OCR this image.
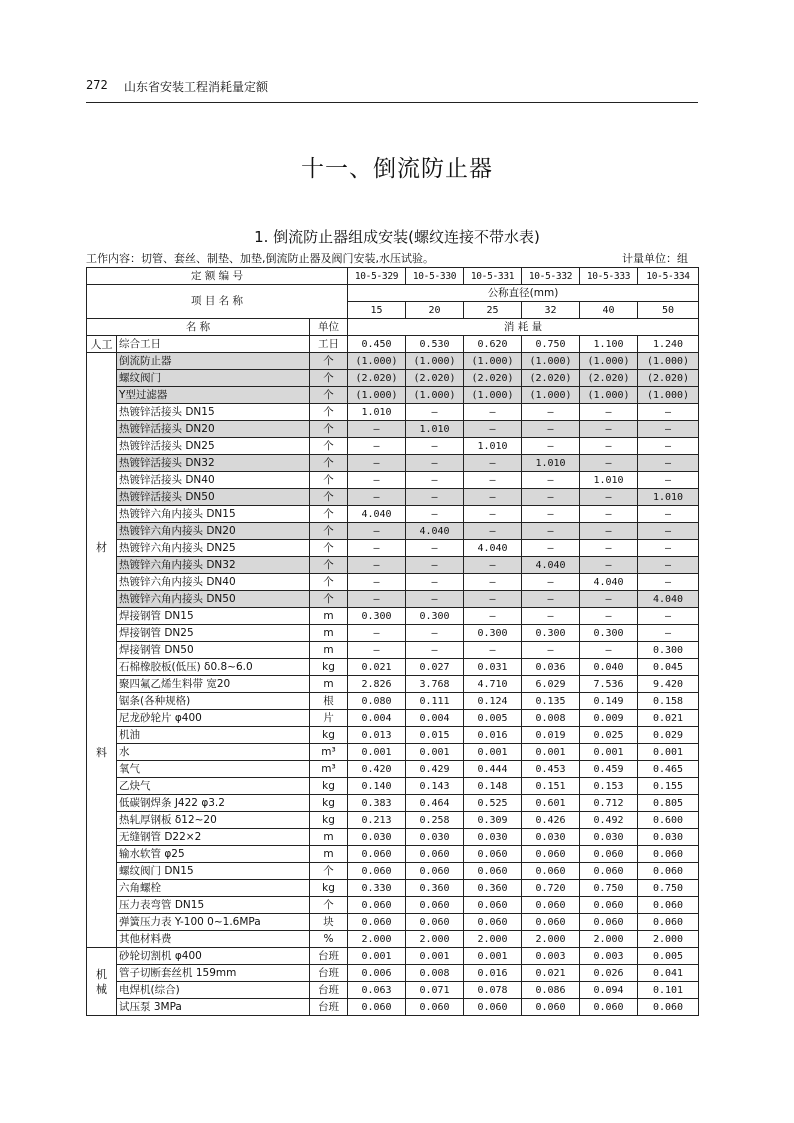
272 山东省安装工程消耗量定额
十一、倒流防止器
1. 倒流防止器组成安装(螺纹连接不带水表)
工作内容：切管、套丝、制垫、加垫,倒流防止器及阀门安装,水压试验。	计量单位：组
定 额 编 号			10-5-329	10-5-330	10-5-331	10-5-332	10-5-333	10-5-334
项 目 名 称			公称直径(mm)					
			15	20	25	32	40	50
名 称		单位	消 耗 量					
人工	综合工日	工日	0.450	0.530	0.620	0.750	1.100	1.240

材
料	倒流防止器	个	(1.000)	(1.000)	(1.000)	(1.000)	(1.000)	(1.000)
	螺纹阀门	个	(2.020)	(2.020)	(2.020)	(2.020)	(2.020)	(2.020)
	Y型过滤器	个	(1.000)	(1.000)	(1.000)	(1.000)	(1.000)	(1.000)
	热镀锌活接头 DN15	个	1.010	—	—	—	—	—
	热镀锌活接头 DN20	个	—	1.010	—	—	—	—
	热镀锌活接头 DN25	个	—	—	1.010	—	—	—
	热镀锌活接头 DN32	个	—	—	—	1.010	—	—
	热镀锌活接头 DN40	个	—	—	—	—	1.010	—
	热镀锌活接头 DN50	个	—	—	—	—	—	1.010
	热镀锌六角内接头 DN15	个	4.040	—	—	—	—	—
	热镀锌六角内接头 DN20	个	—	4.040	—	—	—	—
	热镀锌六角内接头 DN25	个	—	—	4.040	—	—	—
	热镀锌六角内接头 DN32	个	—	—	—	4.040	—	—
	热镀锌六角内接头 DN40	个	—	—	—	—	4.040	—
	热镀锌六角内接头 DN50	个	—	—	—	—	—	4.040
	焊接钢管 DN15	m	0.300	0.300	—	—	—	—
	焊接钢管 DN25	m	—	—	0.300	0.300	0.300	—
	焊接钢管 DN50	m	—	—	—	—	—	0.300
	石棉橡胶板(低压) δ0.8~6.0	kg	0.021	0.027	0.031	0.036	0.040	0.045
	聚四氟乙烯生料带 宽20	m	2.826	3.768	4.710	6.029	7.536	9.420
	锯条(各种规格)	根	0.080	0.111	0.124	0.135	0.149	0.158
	尼龙砂轮片 φ400	片	0.004	0.004	0.005	0.008	0.009	0.021
	机油	kg	0.013	0.015	0.016	0.019	0.025	0.029
	水	m³	0.001	0.001	0.001	0.001	0.001	0.001
	氧气	m³	0.420	0.429	0.444	0.453	0.459	0.465
	乙炔气	kg	0.140	0.143	0.148	0.151	0.153	0.155
	低碳钢焊条 J422 φ3.2	kg	0.383	0.464	0.525	0.601	0.712	0.805
	热轧厚钢板 δ12~20	kg	0.213	0.258	0.309	0.426	0.492	0.600
	无缝钢管 D22×2	m	0.030	0.030	0.030	0.030	0.030	0.030
	输水软管 φ25	m	0.060	0.060	0.060	0.060	0.060	0.060
	螺纹阀门 DN15	个	0.060	0.060	0.060	0.060	0.060	0.060
	六角螺栓	kg	0.330	0.360	0.360	0.720	0.750	0.750
	压力表弯管 DN15	个	0.060	0.060	0.060	0.060	0.060	0.060
	弹簧压力表 Y-100 0~1.6MPa	块	0.060	0.060	0.060	0.060	0.060	0.060
	其他材料费	%	2.000	2.000	2.000	2.000	2.000	2.000

机械	砂轮切割机 φ400	台班	0.001	0.001	0.001	0.003	0.003	0.005
	管子切断套丝机 159mm	台班	0.006	0.008	0.016	0.021	0.026	0.041
	电焊机(综合)	台班	0.063	0.071	0.078	0.086	0.094	0.101
	试压泵 3MPa	台班	0.060	0.060	0.060	0.060	0.060	0.060
